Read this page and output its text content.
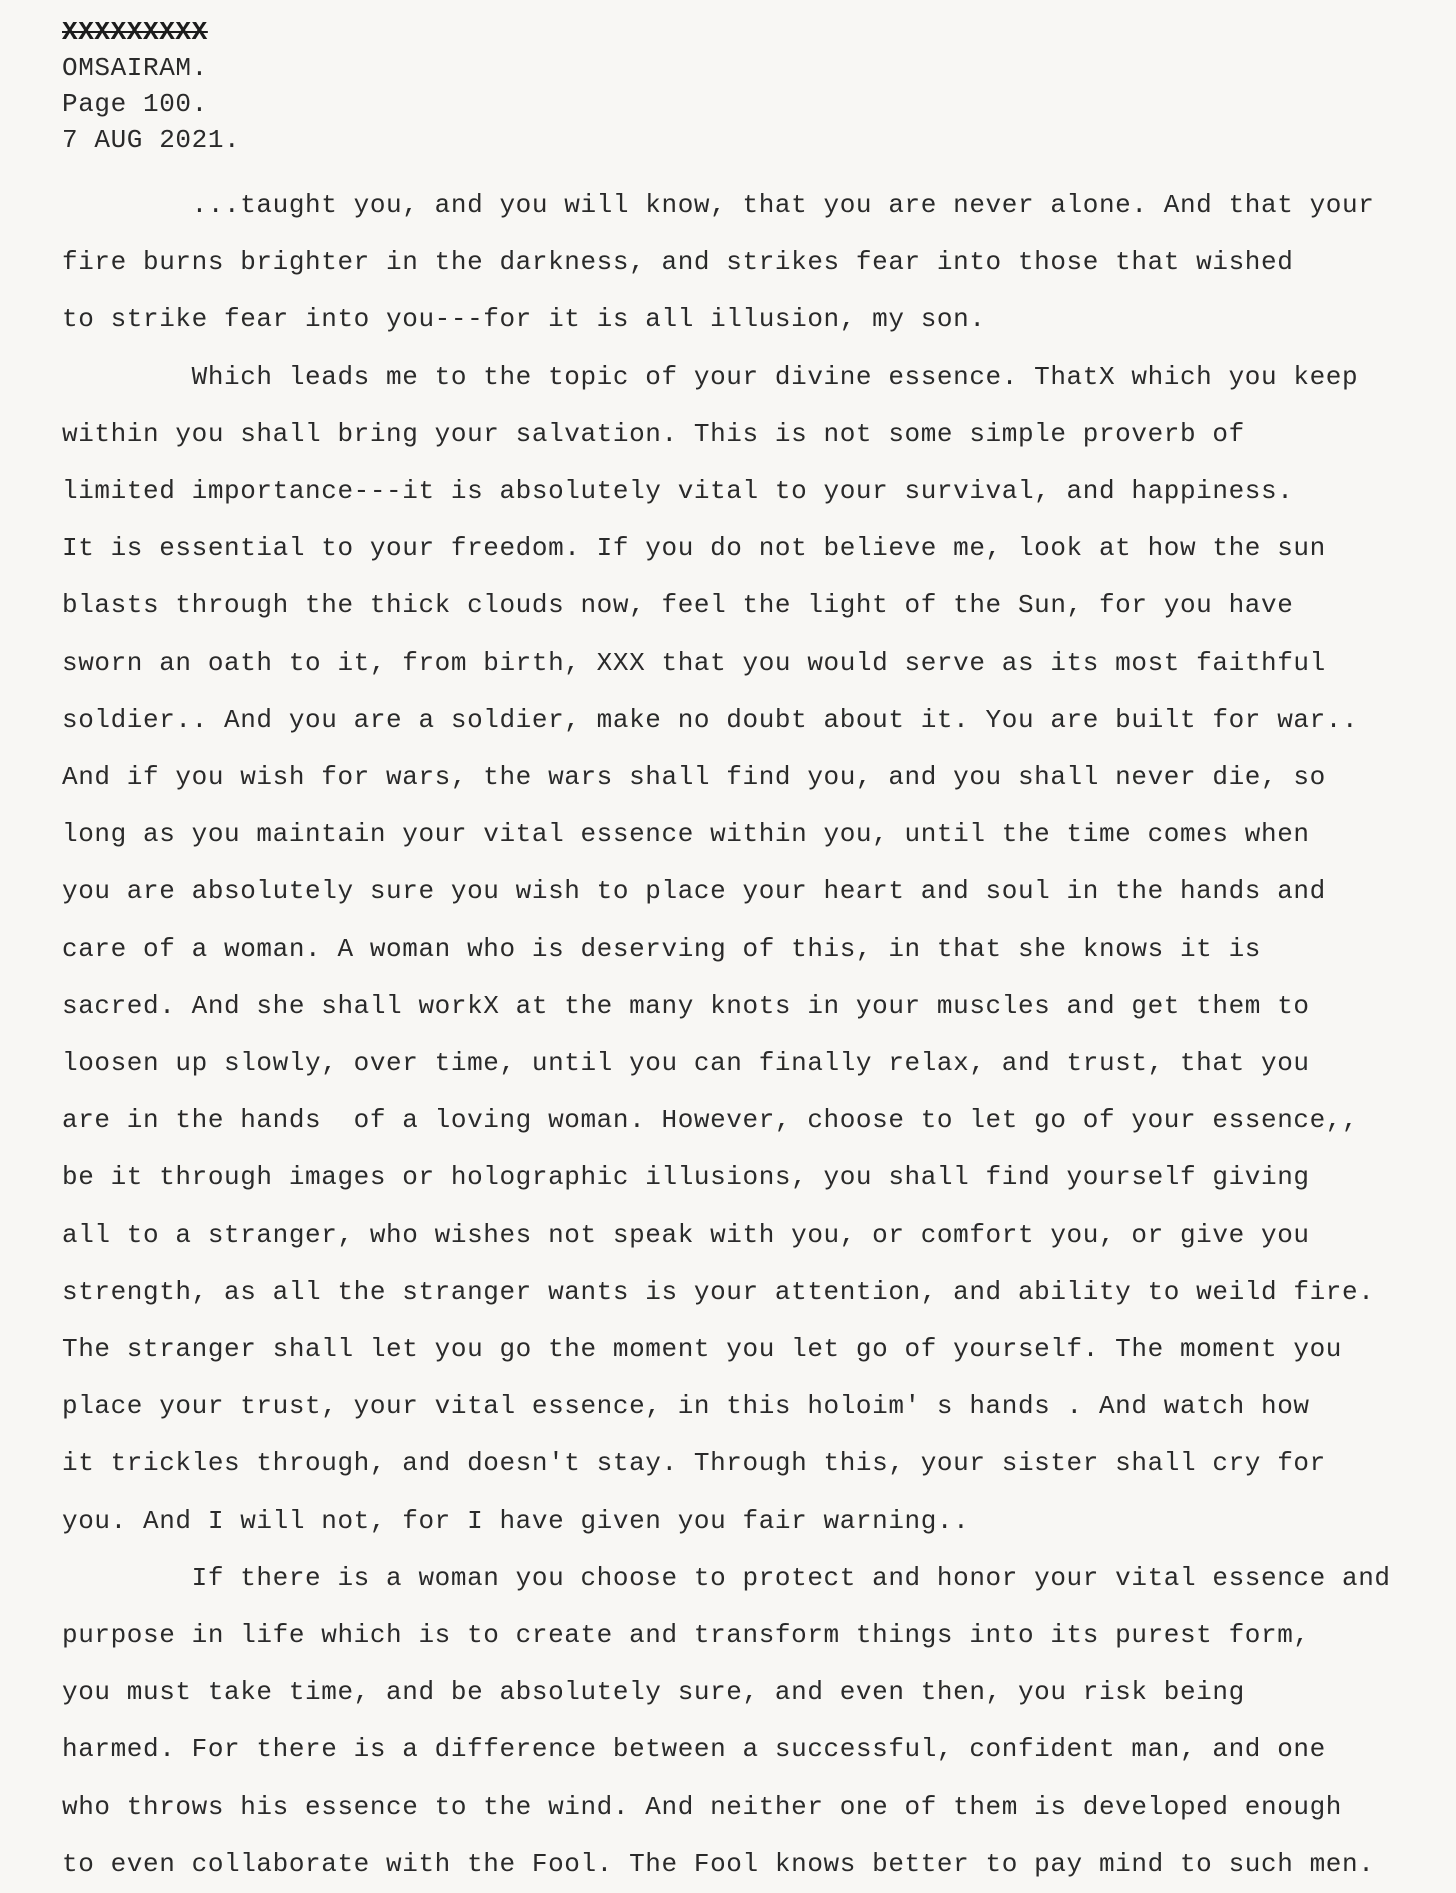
XXXXXXXXX
OMSAIRAM.
Page 100.
7 AUG 2021.
...taught you, and you will know, that you are never alone. And that your
fire burns brighter in the darkness, and strikes fear into those that wished
to strike fear into you---for it is all illusion, my son.
Which leads me to the topic of your divine essence. ThatX which you keep
within you shall bring your salvation. This is not some simple proverb of
limited importance---it is absolutely vital to your survival, and happiness.
It is essential to your freedom. If you do not believe me, look at how the sun
blasts through the thick clouds now, feel the light of the Sun, for you have
sworn an oath to it, from birth, XXX that you would serve as its most faithful
soldier.. And you are a soldier, make no doubt about it. You are built for war..
And if you wish for wars, the wars shall find you, and you shall never die, so
long as you maintain your vital essence within you, until the time comes when
you are absolutely sure you wish to place your heart and soul in the hands and
care of a woman. A woman who is deserving of this, in that she knows it is
sacred. And she shall workX at the many knots in your muscles and get them to
loosen up slowly, over time, until you can finally relax, and trust, that you
are in the hands  of a loving woman. However, choose to let go of your essence,,
be it through images or holographic illusions, you shall find yourself giving
all to a stranger, who wishes not speak with you, or comfort you, or give you
strength, as all the stranger wants is your attention, and ability to weild fire.
The stranger shall let you go the moment you let go of yourself. The moment you
place your trust, your vital essence, in this holoim' s hands . And watch how
it trickles through, and doesn't stay. Through this, your sister shall cry for
you. And I will not, for I have given you fair warning..
If there is a woman you choose to protect and honor your vital essence and
purpose in life which is to create and transform things into its purest form,
you must take time, and be absolutely sure, and even then, you risk being
harmed. For there is a difference between a successful, confident man, and one
who throws his essence to the wind. And neither one of them is developed enough
to even collaborate with the Fool. The Fool knows better to pay mind to such men.
